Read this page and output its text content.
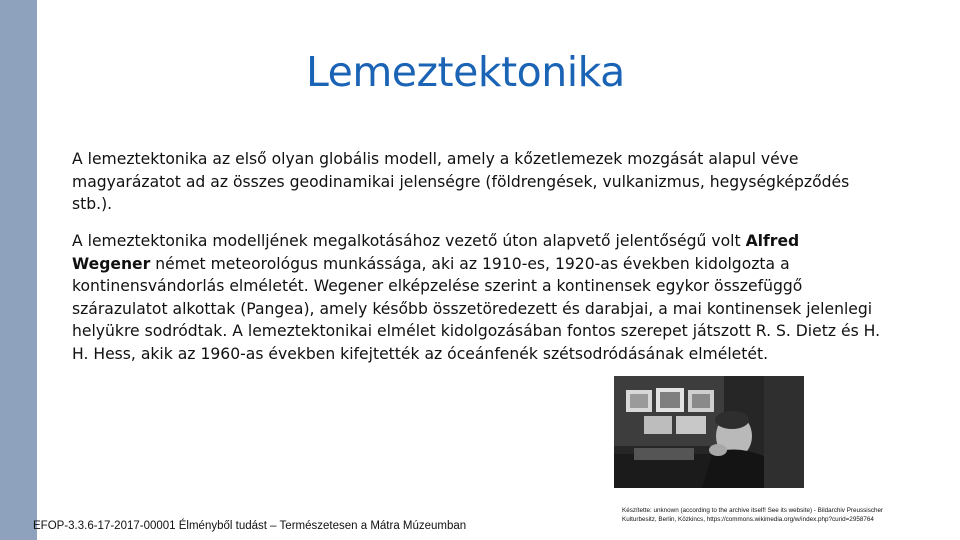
Lemeztektonika

A lemeztektonika az első olyan globális modell, amely a kőzetlemezek mozgását alapul véve magyarázatot ad az összes geodinamikai jelenségre (földrengések, vulkanizmus, hegységképződés stb.).

A lemeztektonika modelljének megalkotásához vezető úton alapvető jelentőségű volt Alfred Wegener német meteorológus munkássága, aki az 1910-es, 1920-as években kidolgozta a kontinensvándorlás elméletét. Wegener elképzelése szerint a kontinensek egykor összefüggő szárazulatot alkottak (Pangea), amely később összetöredezett és darabjai, a mai kontinensek jelenlegi helyükre sodródtak. A lemeztektonikai elmélet kidolgozásában fontos szerepet játszott R. S. Dietz és H. H. Hess, akik az 1960-as években kifejtették az óceánfenék szétsodródásának elméletét.

EFOP-3.3.6-17-2017-00001 Élményből tudást – Természetesen a Mátra Múzeumban
Készítette: unknown (according to the archive itself! See its website) - Bildarchiv Preussischer Kulturbesitz, Berlin, Közkincs, https://commons.wikimedia.org/w/index.php?curid=2958764
